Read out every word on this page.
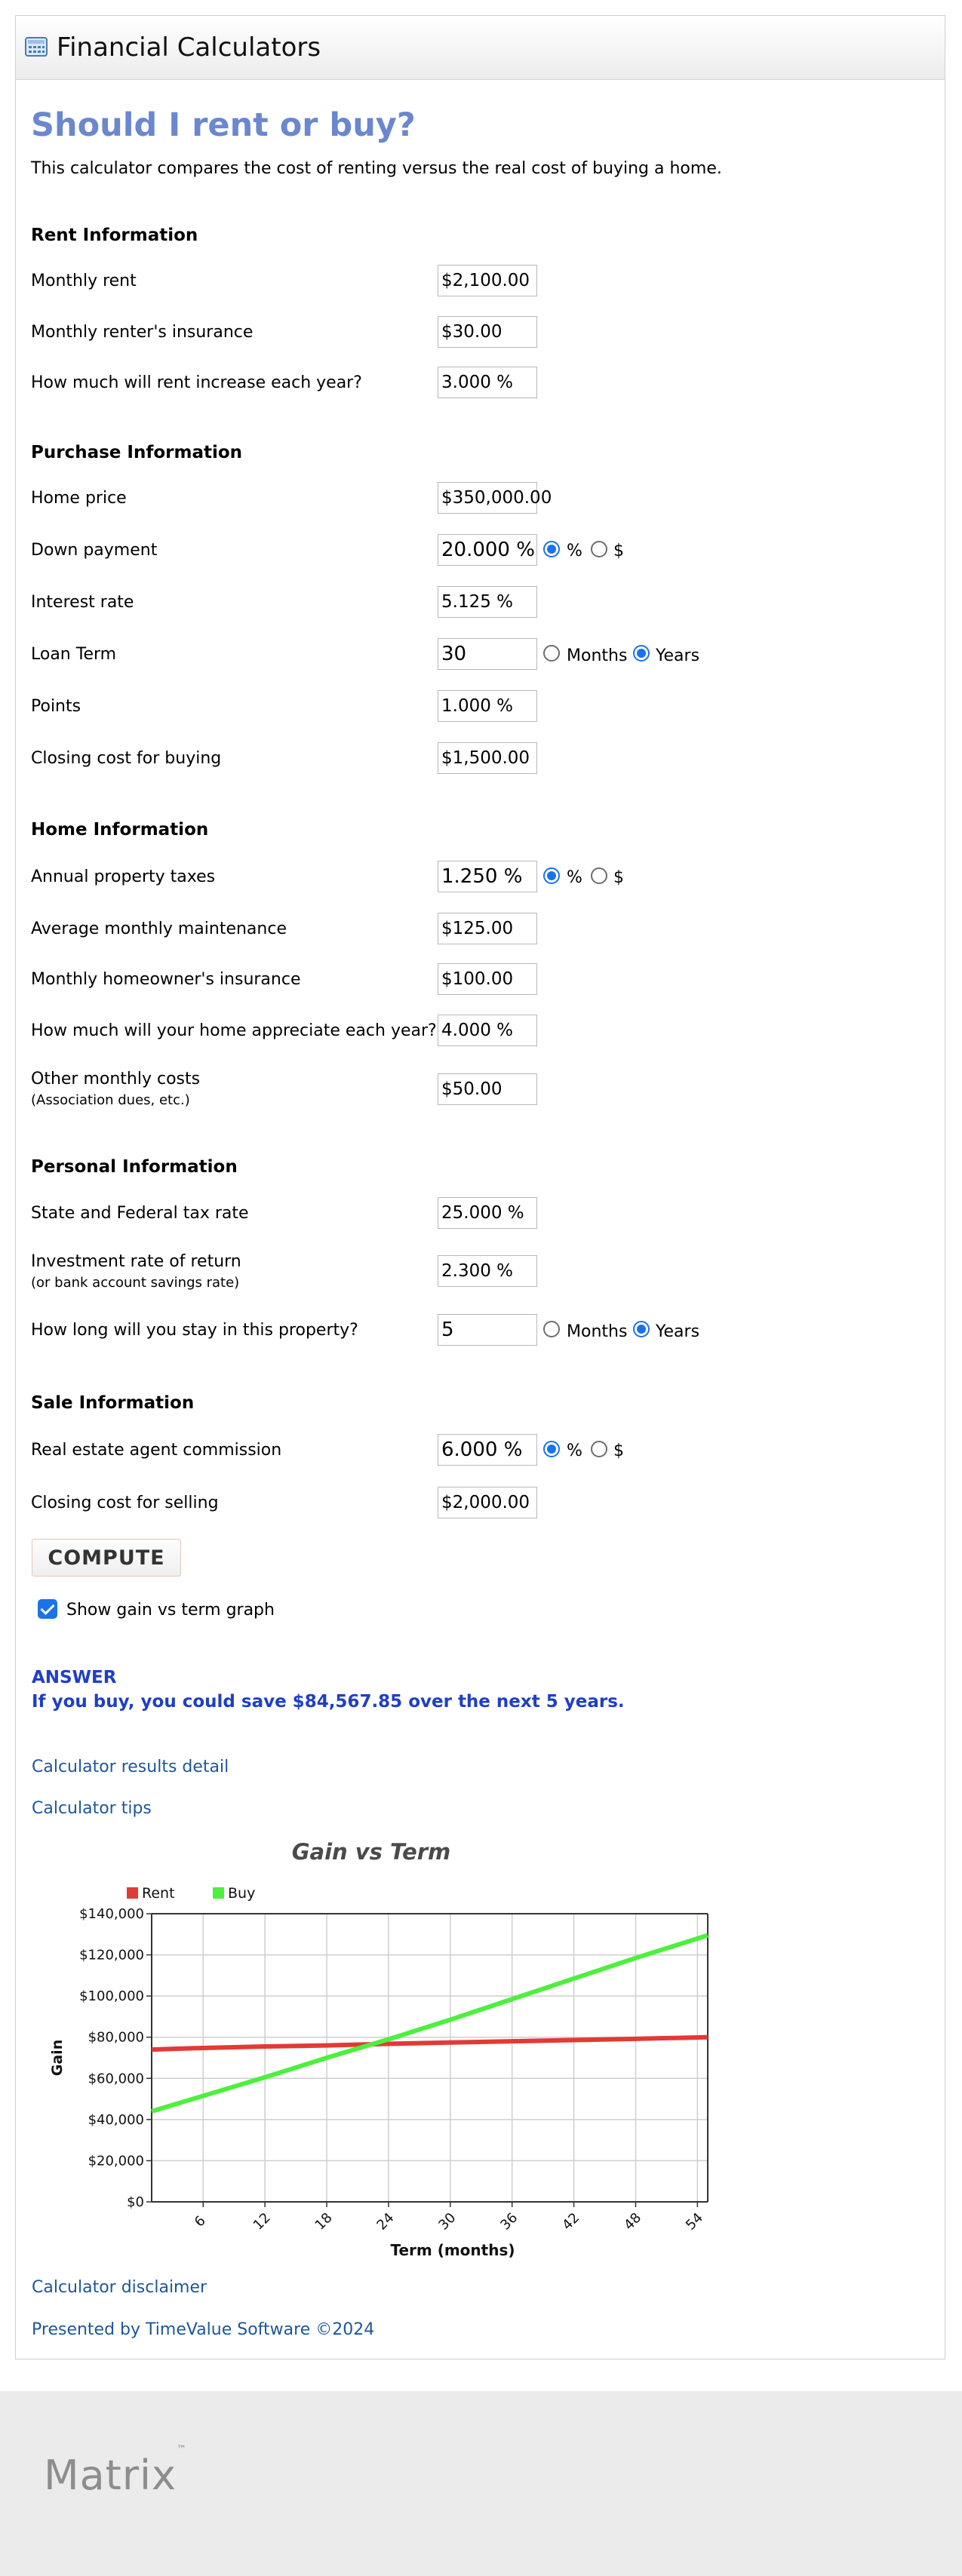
Financial Calculators
Should I rent or buy?
This calculator compares the cost of renting versus the real cost of buying a home.
Rent Information
Monthly rent	$2,100.00
Monthly renter's insurance	$30.00
How much will rent increase each year?	3.000 %
Purchase Information
Home price	$350,000.00
Down payment	20.000 % % $
Interest rate	5.125 %
Loan Term	30	Months Years
Points	1.000 %
Closing cost for buying	$1,500.00
Home Information
Annual property taxes	1.250 %	% $
Average monthly maintenance	$125.00
Monthly homeowner's insurance	$100.00
How much will your home appreciate each year? 4.000 %
Other monthly costs
(Association dues, etc.)
$50.00
Personal Information
State and Federal tax rate	25.000 %
Investment rate of return
(or bank account savings rate)
2.300 %
How long will you stay in this property?	5	Months Years
Sale Information
Real estate agent commission	6.000 %	% $
Closing cost for selling	$2,000.00
COMPUTE
Show gain vs term graph
ANSWER
If you buy, you could save $84,567.85 over the next 5 years.
Calculator results detail
Calculator tips
$0
$20,000
$40,000
$60,000
$80,000
$100,000
$120,000
$140,000
6	12	18	24	30	36	42	48	54
Gain vs Term
Term (months)
Gain
Rent	Buy
Calculator disclaimer
Presented by TimeValue Software ©2024
Matrix™
